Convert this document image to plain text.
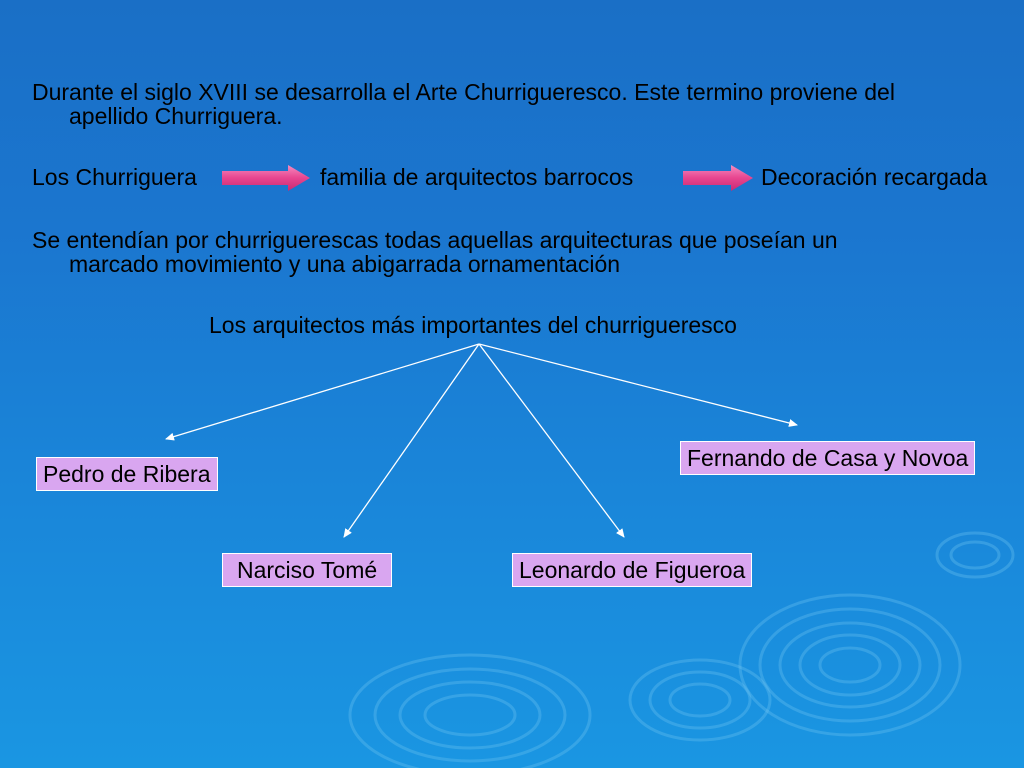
Durante el siglo XVIII se desarrolla el Arte Churrigueresco. Este termino proviene del
apellido Churriguera.
Los Churriguera	familia de arquitectos barrocos	Decoración recargada
Se entendían por churriguerescas todas aquellas arquitecturas que poseían un
marcado movimiento y una abigarrada ornamentación
Los arquitectos más importantes del churrigueresco
Pedro de Ribera
Narciso Tomé	Leonardo de Figueroa
Fernando de Casa y Novoa
